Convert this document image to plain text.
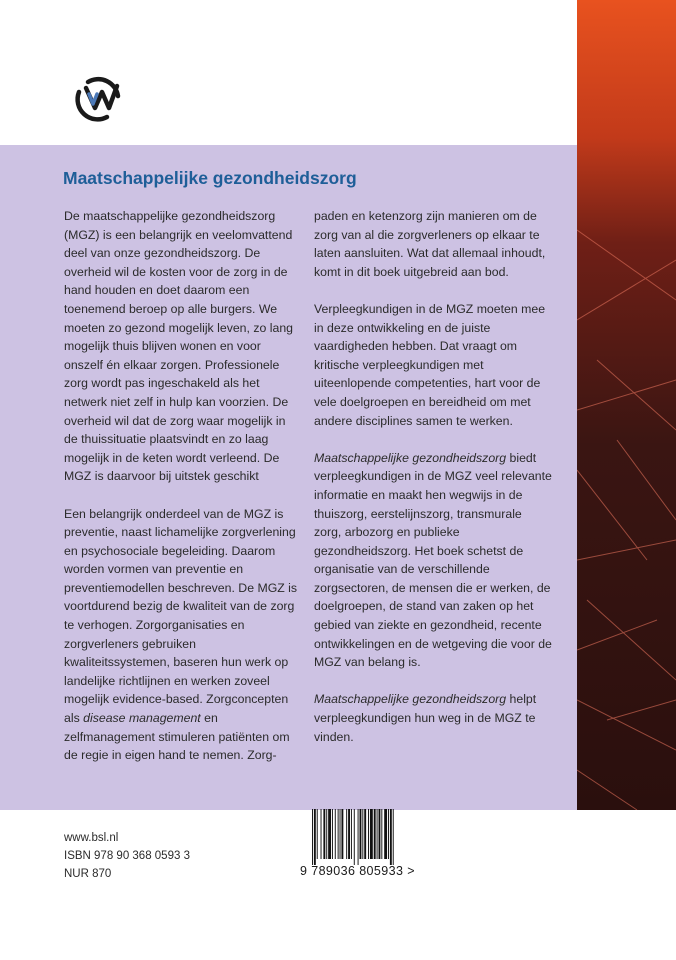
Maatschappelijke gezondheidszorg

De maatschappelijke gezondheidszorg (MGZ) is een belangrijk en veelomvattend deel van onze gezondheidszorg. De overheid wil de kosten voor de zorg in de hand houden en doet daarom een toenemend beroep op alle burgers. We moeten zo gezond mogelijk leven, zo lang mogelijk thuis blijven wonen en voor onszelf én elkaar zorgen. Professionele zorg wordt pas ingeschakeld als het netwerk niet zelf in hulp kan voorzien. De overheid wil dat de zorg waar mogelijk in de thuissituatie plaatsvindt en zo laag mogelijk in de keten wordt verleend. De MGZ is daarvoor bij uitstek geschikt

Een belangrijk onderdeel van de MGZ is preventie, naast lichamelijke zorgverlening en psychosociale begeleiding. Daarom worden vormen van preventie en preventiemodellen beschreven. De MGZ is voortdurend bezig de kwaliteit van de zorg te verhogen. Zorgorganisaties en zorgverleners gebruiken kwaliteitssystemen, baseren hun werk op landelijke richtlijnen en werken zoveel mogelijk evidence-based. Zorgconcepten als disease management en zelfmanagement stimuleren patiënten om de regie in eigen hand te nemen. Zorg-

paden en ketenzorg zijn manieren om de zorg van al die zorgverleners op elkaar te laten aansluiten. Wat dat allemaal inhoudt, komt in dit boek uitgebreid aan bod.

Verpleegkundigen in de MGZ moeten mee in deze ontwikkeling en de juiste vaardigheden hebben. Dat vraagt om kritische verpleegkundigen met uiteenlopende competenties, hart voor de vele doelgroepen en bereidheid om met andere disciplines samen te werken.

Maatschappelijke gezondheidszorg biedt verpleegkundigen in de MGZ veel relevante informatie en maakt hen wegwijs in de thuiszorg, eerstelijnszorg, transmurale zorg, arbozorg en publieke gezondheidszorg. Het boek schetst de organisatie van de verschillende zorgsectoren, de mensen die er werken, de doelgroepen, de stand van zaken op het gebied van ziekte en gezondheid, recente ontwikkelingen en de wetgeving die voor de MGZ van belang is.

Maatschappelijke gezondheidszorg helpt verpleegkundigen hun weg in de MGZ te vinden.

www.bsl.nl
ISBN 978 90 368 0593 3
NUR 870	9 789036 805933 >
